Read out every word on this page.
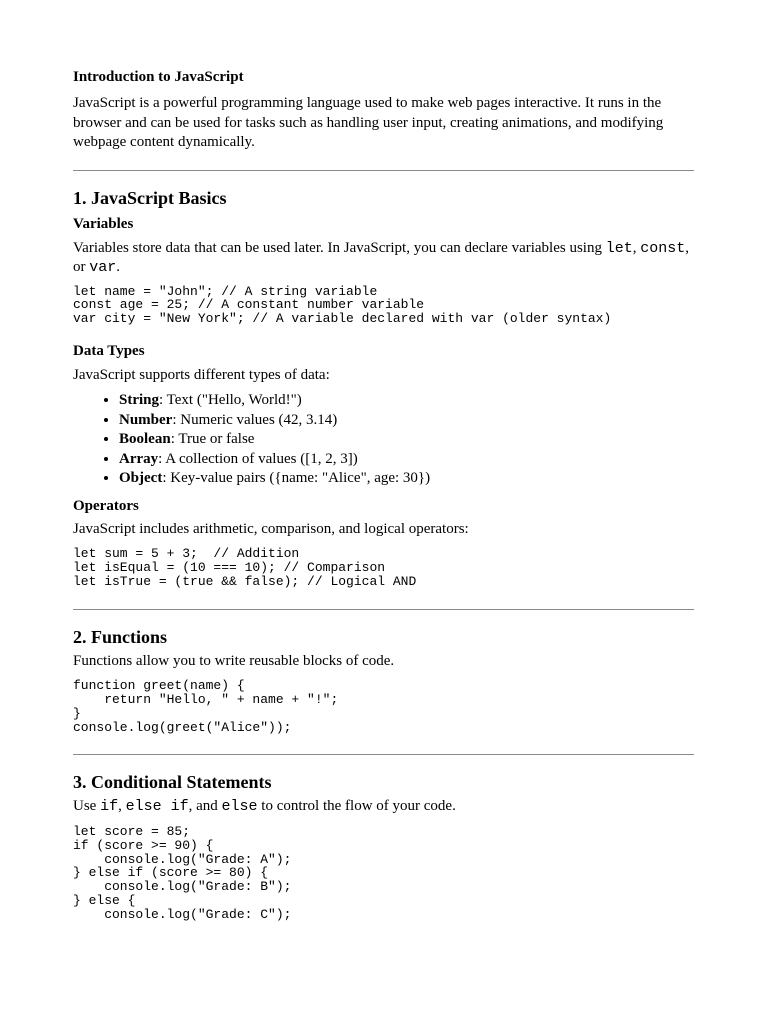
Introduction to JavaScript

JavaScript is a powerful programming language used to make web pages interactive. It runs in the browser and can be used for tasks such as handling user input, creating animations, and modifying webpage content dynamically.

1. JavaScript Basics
Variables

Variables store data that can be used later. In JavaScript, you can declare variables using let, const, or var.

let name = "John"; // A string variable
const age = 25; // A constant number variable
var city = "New York"; // A variable declared with var (older syntax)
Data Types

JavaScript supports different types of data:

• String: Text ("Hello, World!")
• Number: Numeric values (42, 3.14)
• Boolean: True or false
• Array: A collection of values ([1, 2, 3])
• Object: Key-value pairs ({name: "Alice", age: 30})
Operators

JavaScript includes arithmetic, comparison, and logical operators:

let sum = 5 + 3;  // Addition
let isEqual = (10 === 10); // Comparison
let isTrue = (true && false); // Logical AND
2. Functions

Functions allow you to write reusable blocks of code.

function greet(name) {
return "Hello, " + name + "!";
}
console.log(greet("Alice"));
3. Conditional Statements

Use if, else if, and else to control the flow of your code.

let score = 85;
if (score >= 90) {
console.log("Grade: A");
} else if (score >= 80) {
console.log("Grade: B");
} else {
console.log("Grade: C");
